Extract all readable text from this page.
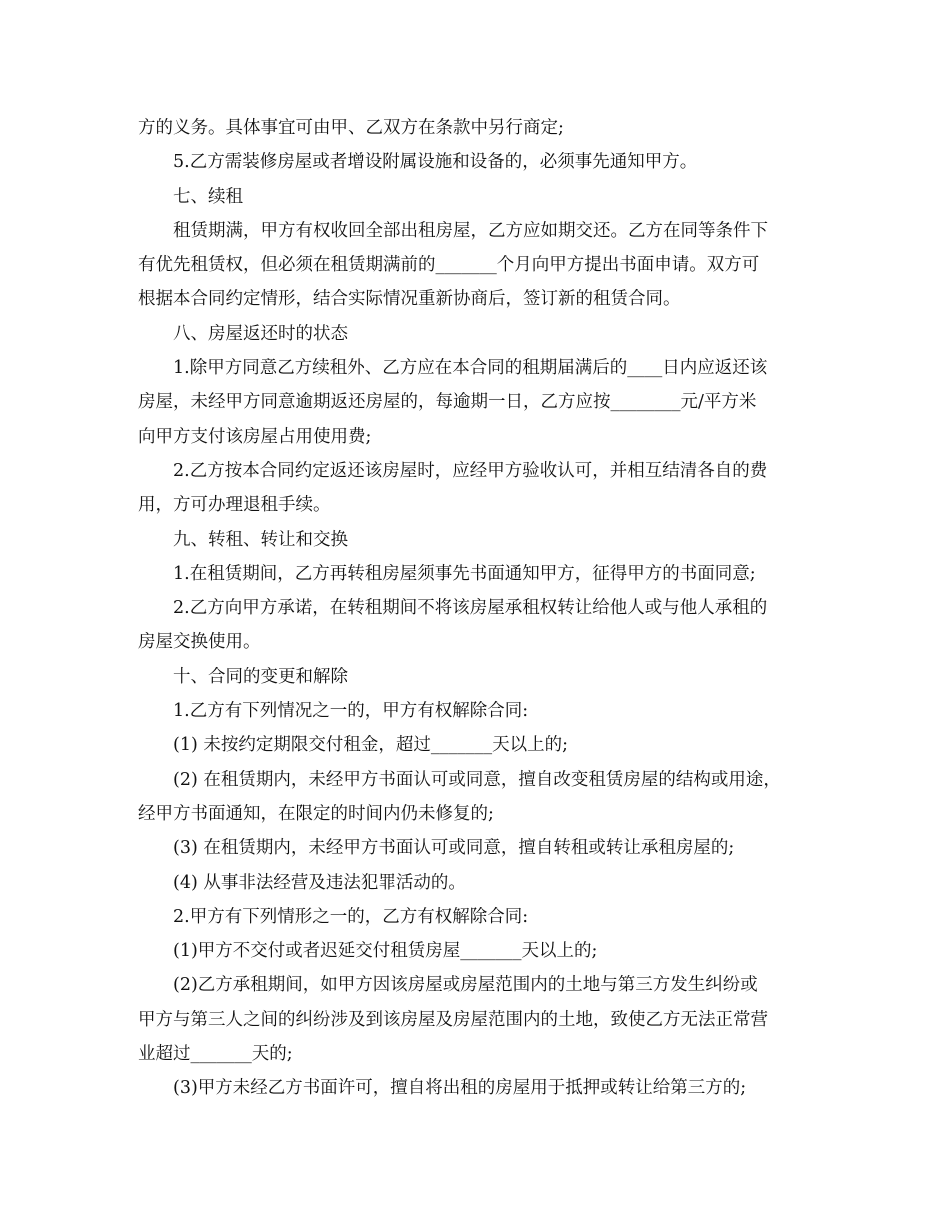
方的义务。具体事宜可由甲、乙双方在条款中另行商定;
5.乙方需装修房屋或者增设附属设施和设备的，必须事先通知甲方。
七、续租
租赁期满，甲方有权收回全部出租房屋，乙方应如期交还。乙方在同等条件下
有优先租赁权，但必须在租赁期满前的_______个月向甲方提出书面申请。双方可
根据本合同约定情形，结合实际情况重新协商后，签订新的租赁合同。
八、房屋返还时的状态
1.除甲方同意乙方续租外、乙方应在本合同的租期届满后的____日内应返还该
房屋，未经甲方同意逾期返还房屋的，每逾期一日，乙方应按________元/平方米
向甲方支付该房屋占用使用费;
2.乙方按本合同约定返还该房屋时，应经甲方验收认可，并相互结清各自的费
用，方可办理退租手续。
九、转租、转让和交换
1.在租赁期间，乙方再转租房屋须事先书面通知甲方，征得甲方的书面同意;
2.乙方向甲方承诺，在转租期间不将该房屋承租权转让给他人或与他人承租的
房屋交换使用。
十、合同的变更和解除
1.乙方有下列情况之一的，甲方有权解除合同:
(1) 未按约定期限交付租金，超过_______天以上的;
(2) 在租赁期内，未经甲方书面认可或同意，擅自改变租赁房屋的结构或用途，
经甲方书面通知，在限定的时间内仍未修复的;
(3) 在租赁期内，未经甲方书面认可或同意，擅自转租或转让承租房屋的;
(4) 从事非法经营及违法犯罪活动的。
2.甲方有下列情形之一的，乙方有权解除合同:
(1)甲方不交付或者迟延交付租赁房屋_______天以上的;
(2)乙方承租期间，如甲方因该房屋或房屋范围内的土地与第三方发生纠纷或
甲方与第三人之间的纠纷涉及到该房屋及房屋范围内的土地，致使乙方无法正常营
业超过_______天的;
(3)甲方未经乙方书面许可，擅自将出租的房屋用于抵押或转让给第三方的;
